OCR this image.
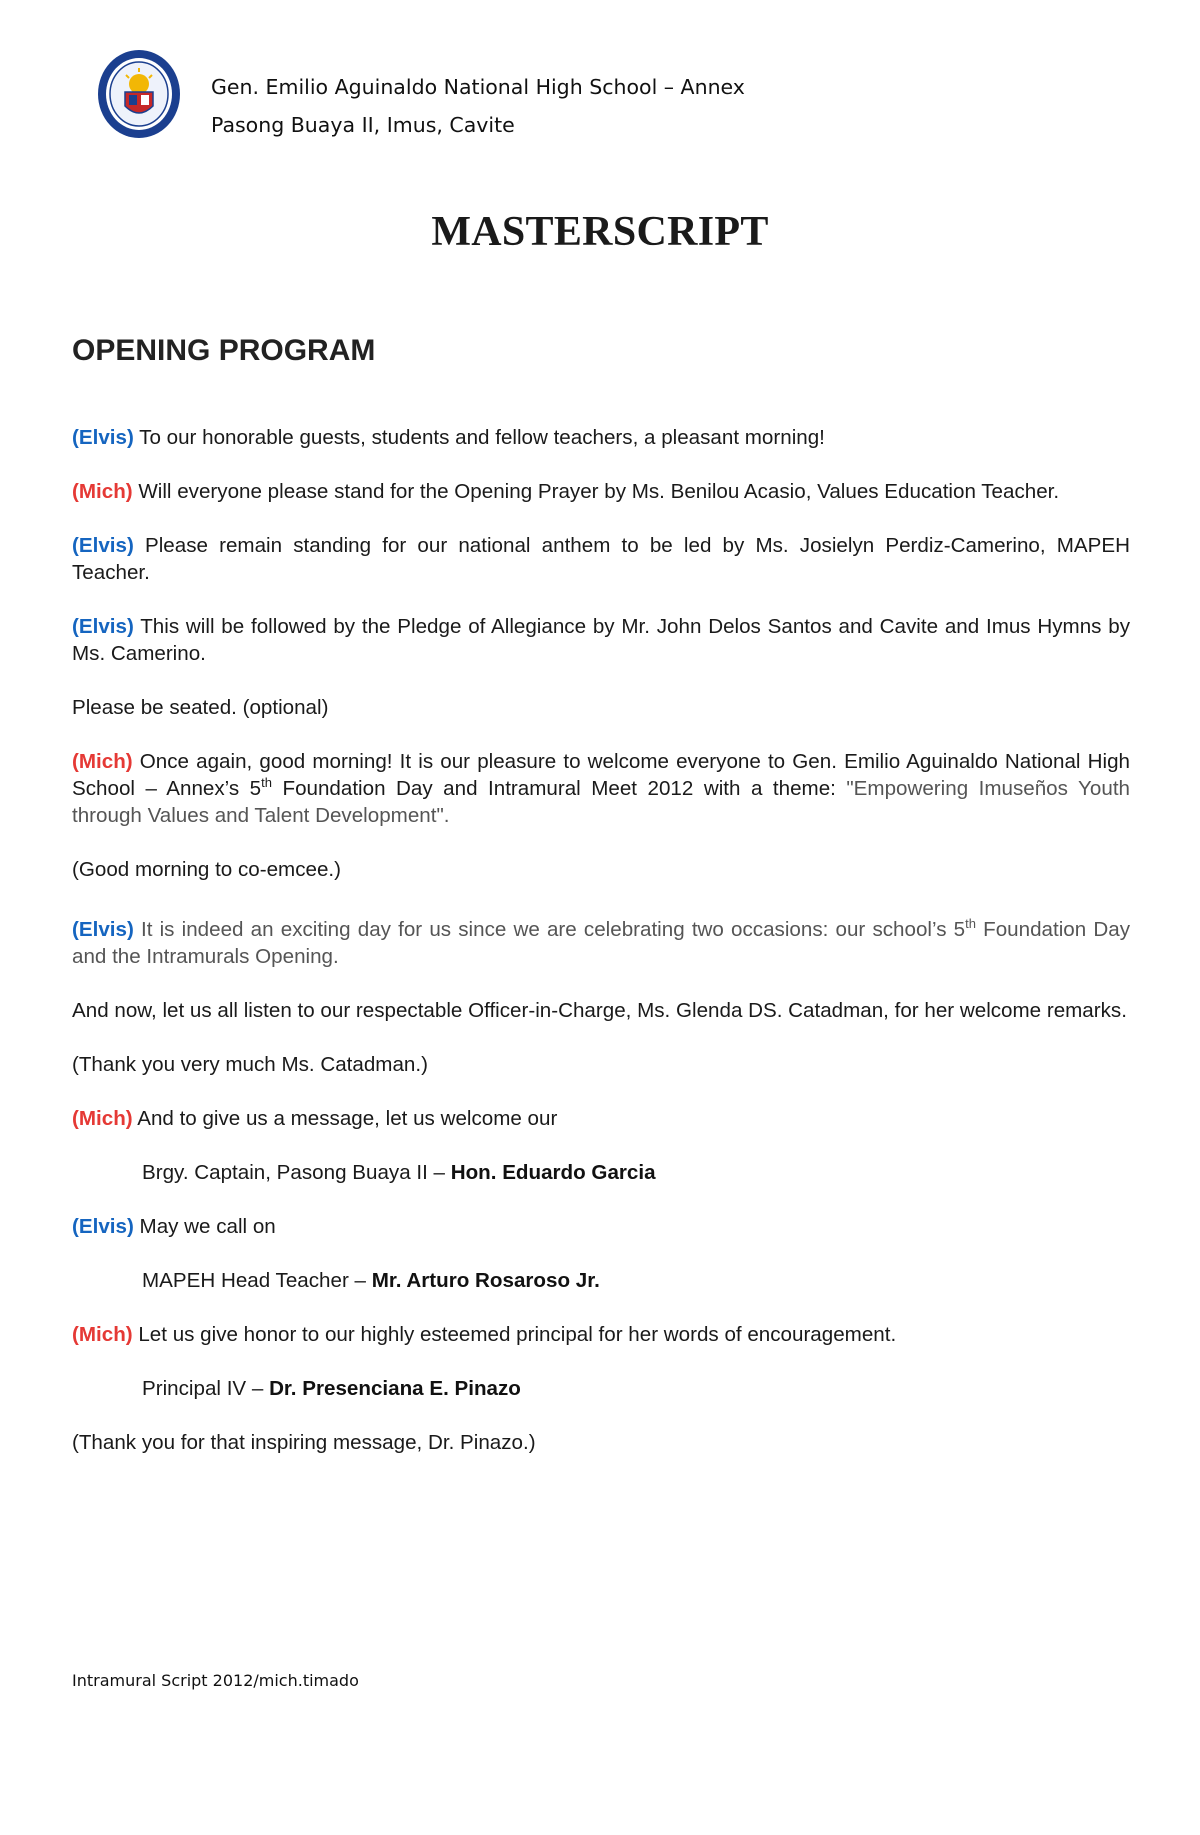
Gen. Emilio Aguinaldo National High School – Annex
Pasong Buaya II, Imus, Cavite
MASTERSCRIPT
OPENING PROGRAM

(Elvis) To our honorable guests, students and fellow teachers, a pleasant morning!

(Mich) Will everyone please stand for the Opening Prayer by Ms. Benilou Acasio, Values Education Teacher.

(Elvis) Please remain standing for our national anthem to be led by Ms. Josielyn Perdiz-Camerino, MAPEH Teacher.

(Elvis) This will be followed by the Pledge of Allegiance by Mr. John Delos Santos and Cavite and Imus Hymns by Ms. Camerino.

Please be seated. (optional)

(Mich) Once again, good morning! It is our pleasure to welcome everyone to Gen. Emilio Aguinaldo National High School – Annex’s 5th Foundation Day and Intramural Meet 2012 with a theme: "Empowering Imuseños Youth through Values and Talent Development".

(Good morning to co-emcee.)

(Elvis) It is indeed an exciting day for us since we are celebrating two occasions: our school’s 5th Foundation Day and the Intramurals Opening.

And now, let us all listen to our respectable Officer-in-Charge, Ms. Glenda DS. Catadman, for her welcome remarks.

(Thank you very much Ms. Catadman.)

(Mich) And to give us a message, let us welcome our

Brgy. Captain, Pasong Buaya II – Hon. Eduardo Garcia

(Elvis) May we call on

MAPEH Head Teacher – Mr. Arturo Rosaroso Jr.

(Mich) Let us give honor to our highly esteemed principal for her words of encouragement.

Principal IV – Dr. Presenciana E. Pinazo

(Thank you for that inspiring message, Dr. Pinazo.)

Intramural Script 2012/mich.timado
